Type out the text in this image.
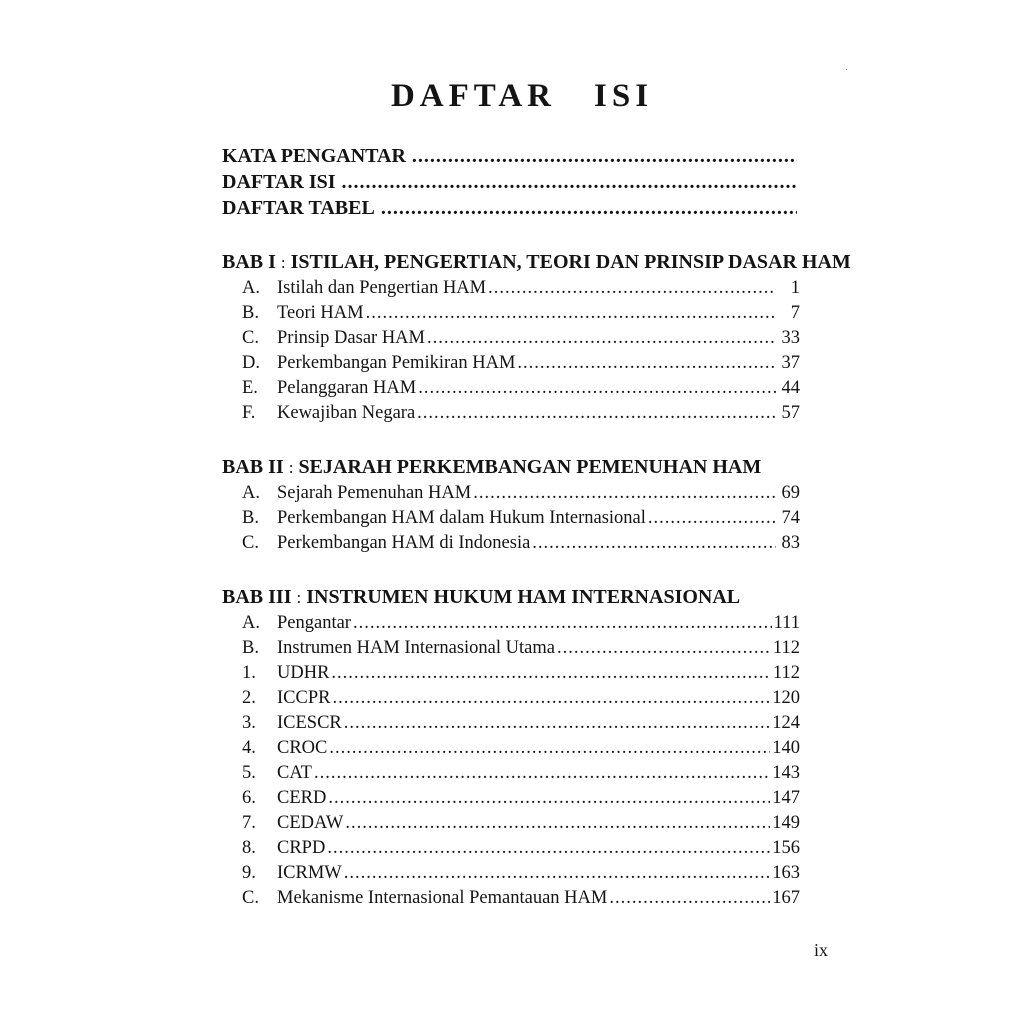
DAFTAR ISI
KATA PENGANTAR
.....
DAFTAR ISI
.....
DAFTAR TABEL
.....
BAB I : ISTILAH, PENGERTIAN, TEORI DAN PRINSIP DASAR HAM
A. Istilah dan Pengertian HAM .....	1
B. Teori HAM .....	7
C. Prinsip Dasar HAM .....	33
D. Perkembangan Pemikiran HAM .....	37
E.	Pelanggaran HAM .....	44
F.	Kewajiban Negara .....	57
BAB II : SEJARAH PERKEMBANGAN PEMENUHAN HAM
A. Sejarah Pemenuhan HAM .....	69
B. Perkembangan HAM dalam Hukum Internasional .....	74
C. Perkembangan HAM di Indonesia .....	83
BAB III : INSTRUMEN HUKUM HAM INTERNASIONAL
A. Pengantar .....	111
B. Instrumen HAM Internasional Utama .....	112
1.	UDHR .....	112
2.	ICCPR .....	120
3.	ICESCR .....	124
4.	CROC .....	140
5.	CAT .....	143
6.	CERD .....	147
7.	CEDAW .....	149
8.	CRPD .....	156
9.	ICRMW .....	163
C. Mekanisme Internasional Pemantauan HAM .....	167
ix
